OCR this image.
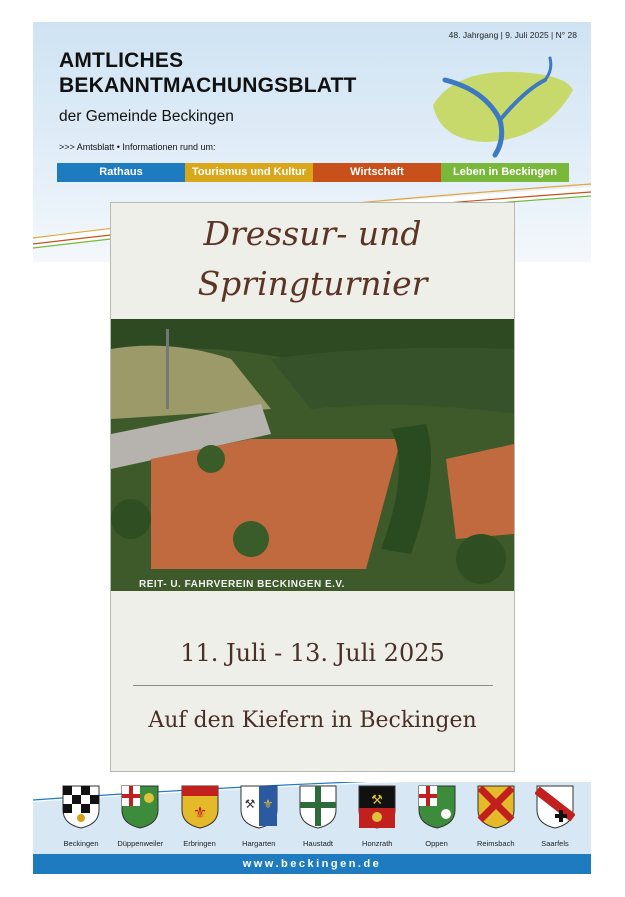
48. Jahrgang | 9. Juli 2025 | N° 28
AMTLICHES
BEKANNTMACHUNGSBLATT
der Gemeinde Beckingen
>>> Amtsblatt • Informationen rund um:
Rathaus	Tourismus und Kultur	Wirtschaft	Leben in Beckingen
Dressur- und
Springturnier
REIT- U. FAHRVEREIN BECKINGEN E.V.
11. Juli - 13. Juli 2025
Auf den Kiefern in Beckingen
Beckingen	Düppenweiler
⚜
Erbringen
⚒ ⚜
Hargarten	Haustadt
⚒
Honzrath	Oppen	Reimsbach	Saarfels
www.beckingen.de
